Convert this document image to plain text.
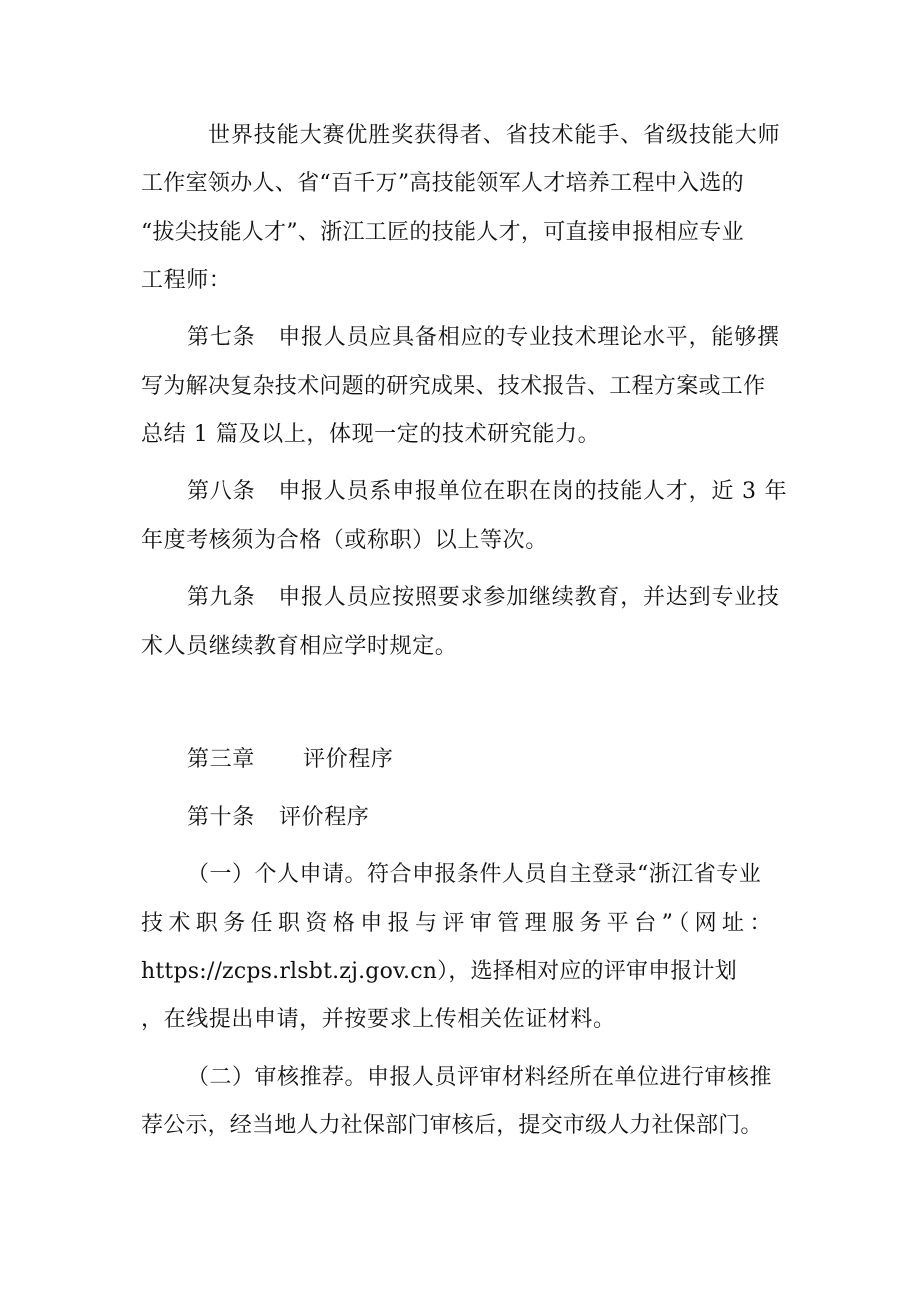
世界技能大赛优胜奖获得者、省技术能手、省级技能大师
工作室领办人、省“百千万”高技能领军人才培养工程中入选的
“拔尖技能人才”、浙江工匠的技能人才，可直接申报相应专业
工程师：
第七条　申报人员应具备相应的专业技术理论水平，能够撰
写为解决复杂技术问题的研究成果、技术报告、工程方案或工作
总结 1 篇及以上，体现一定的技术研究能力。
第八条　申报人员系申报单位在职在岗的技能人才，近 3 年
年度考核须为合格（或称职）以上等次。
第九条　申报人员应按照要求参加继续教育，并达到专业技
术人员继续教育相应学时规定。
第三章 评价程序
第十条 评价程序
（一）个人申请。符合申报条件人员自主登录“浙江省专业
技术职务任职资格申报与评审管理服务平台”（网址：
https://zcps.rlsbt.zj.gov.cn），选择相对应的评审申报计划
，在线提出申请，并按要求上传相关佐证材料。
（二）审核推荐。申报人员评审材料经所在单位进行审核推
荐公示，经当地人力社保部门审核后，提交市级人力社保部门。
